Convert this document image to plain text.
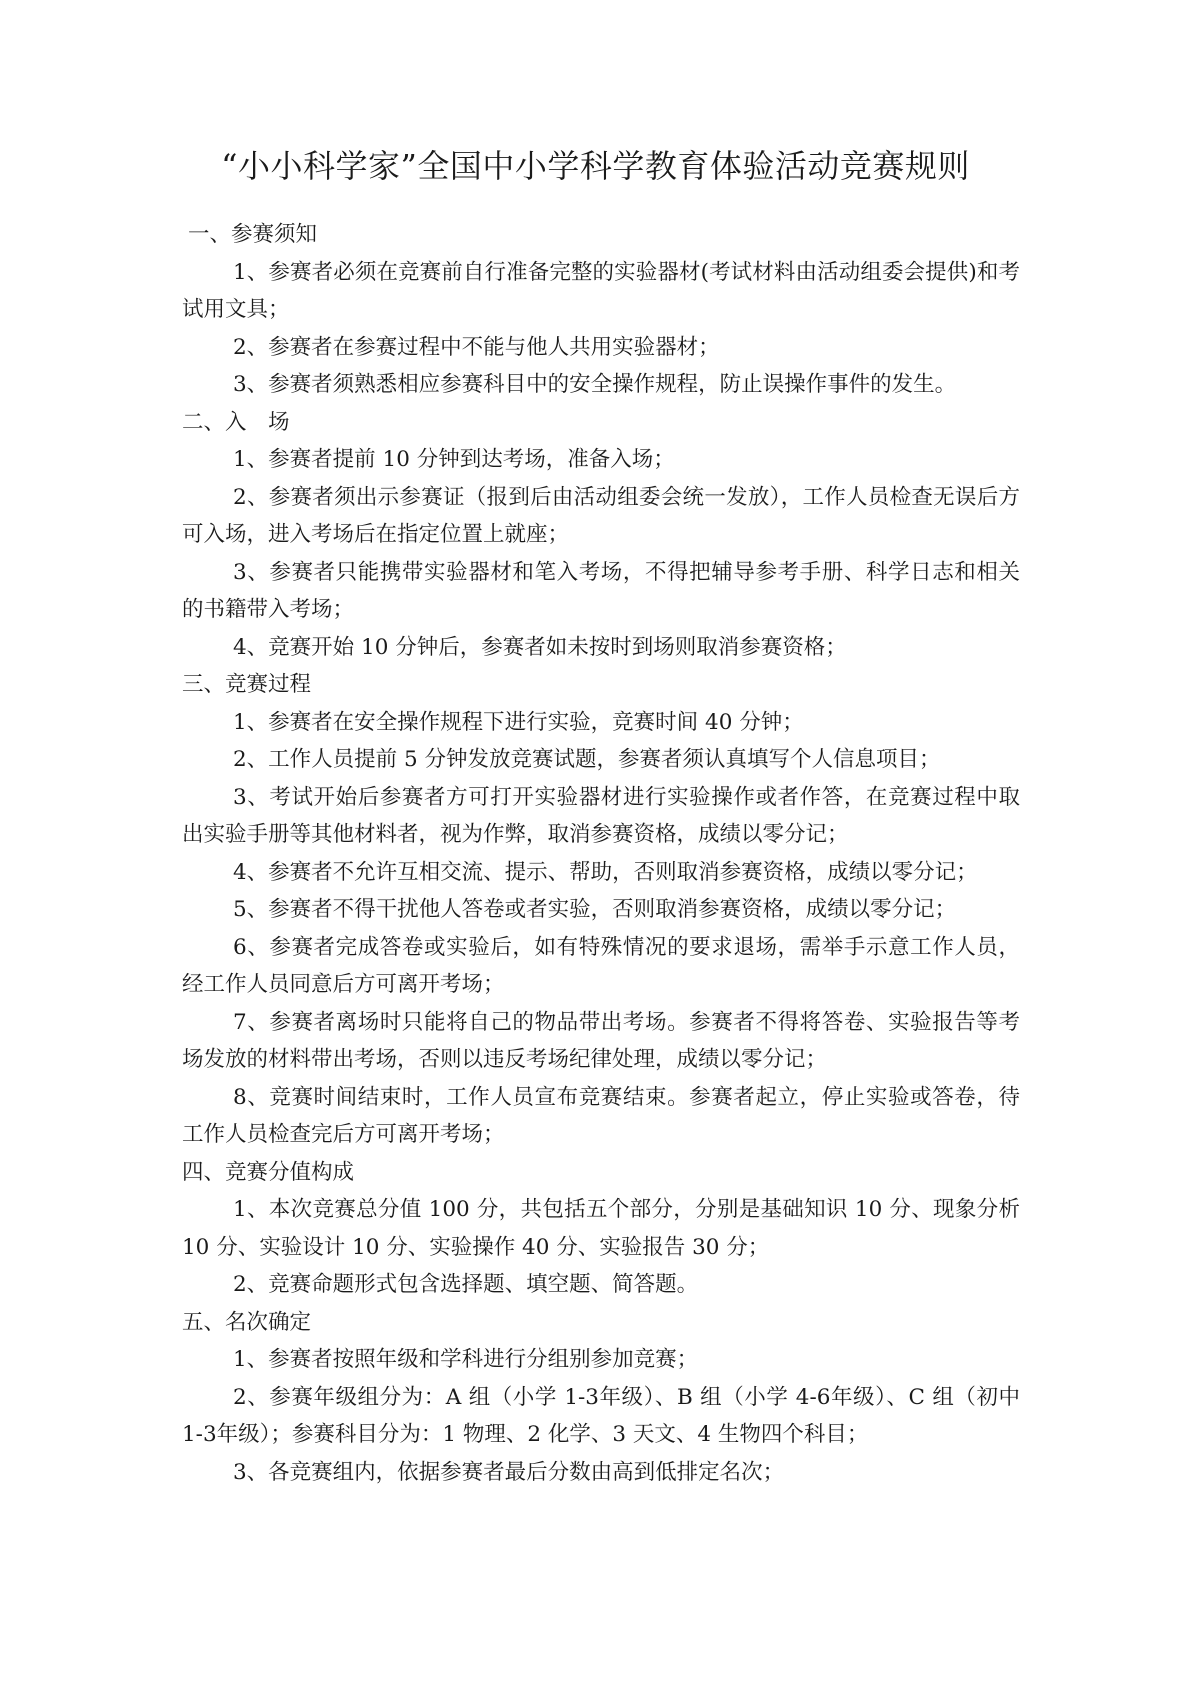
“小小科学家”全国中小学科学教育体验活动竞赛规则

一、参赛须知

1、参赛者必须在竞赛前自行准备完整的实验器材(考试材料由活动组委会提供)和考试用文具；

2、参赛者在参赛过程中不能与他人共用实验器材；

3、参赛者须熟悉相应参赛科目中的安全操作规程，防止误操作事件的发生。

二、入　场

1、参赛者提前 10 分钟到达考场，准备入场；

2、参赛者须出示参赛证（报到后由活动组委会统一发放），工作人员检查无误后方可入场，进入考场后在指定位置上就座；

3、参赛者只能携带实验器材和笔入考场，不得把辅导参考手册、科学日志和相关的书籍带入考场；

4、竞赛开始 10 分钟后，参赛者如未按时到场则取消参赛资格；

三、竞赛过程

1、参赛者在安全操作规程下进行实验，竞赛时间 40 分钟；

2、工作人员提前 5 分钟发放竞赛试题，参赛者须认真填写个人信息项目；

3、考试开始后参赛者方可打开实验器材进行实验操作或者作答，在竞赛过程中取出实验手册等其他材料者，视为作弊，取消参赛资格，成绩以零分记；

4、参赛者不允许互相交流、提示、帮助，否则取消参赛资格，成绩以零分记；

5、参赛者不得干扰他人答卷或者实验，否则取消参赛资格，成绩以零分记；

6、参赛者完成答卷或实验后，如有特殊情况的要求退场，需举手示意工作人员，经工作人员同意后方可离开考场；

7、参赛者离场时只能将自己的物品带出考场。参赛者不得将答卷、实验报告等考场发放的材料带出考场，否则以违反考场纪律处理，成绩以零分记；

8、竞赛时间结束时，工作人员宣布竞赛结束。参赛者起立，停止实验或答卷，待工作人员检查完后方可离开考场；

四、竞赛分值构成

1、本次竞赛总分值 100 分，共包括五个部分，分别是基础知识 10 分、现象分析 10 分、实验设计 10 分、实验操作 40 分、实验报告 30 分；

2、竞赛命题形式包含选择题、填空题、简答题。

五、名次确定

1、参赛者按照年级和学科进行分组别参加竞赛；

2、参赛年级组分为：A 组（小学 1-3年级）、B 组（小学 4-6年级）、C 组（初中 1-3年级）；参赛科目分为：1 物理、2 化学、3 天文、4 生物四个科目；

3、各竞赛组内，依据参赛者最后分数由高到低排定名次；
